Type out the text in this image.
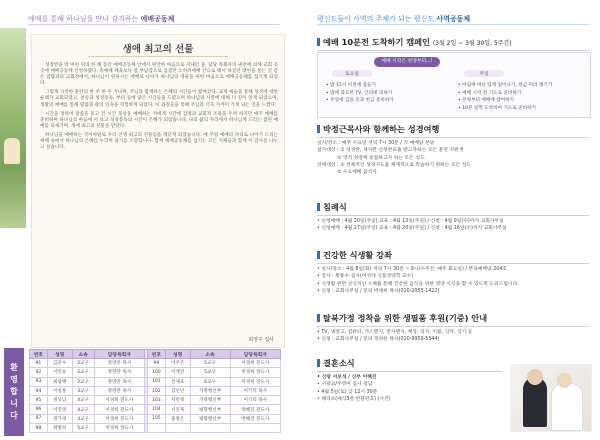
예배를 통해 하나님을 만나 감격하는 예배공동체
생애 최고의 선물

성장반을 막 마친 뒤의 한 해 동안 예배공동체 안에서 편안한 마음으로 지내던 중, 담당 목회자의 권면에 의해 교회 곳곳에 예배공동체 신청하였다. 총예배 체육보다 좀 부담감으로 섬겼던 오히려예배 안으로 해서 하셨던 맺힌을 쏟는 것 같은 감람과의 교회정에서, 하나님이 원하시는 예배로 나아가 하나님의 영광을 위한 마음으로 예배공동체를 섬기게 되었다.

그렇게 시작한 훈련의 한 주 한 주 지나며, 주님과 함께하는 은혜의 시간들이 쌓여갔다. 교제 예술을 통해 성경에 대한 순례가 교회되었고, 찬송과 성경통독, 부터 등에 많은 시간들을 드렸으며 하나님의 사랑에 대해 더 깊이 알게 되었으며, 생활의 예배를 통해 말씀과 삶의 연속을 경험하게 되었다. 이 과정들을 통해 주님과 더욱 가까이 가게 되는 것을 느꼈다.

시간을 정하여 말씀을 읽고 진 시간 묵상을 예배하는 저에게 시간에 감정과 교회적 조용을 두려 하지만 매주 예배를 준비하며 하나님의 마음에 서 보고 성경통독의 시간이 은혜가 되었습니다. 나의 삶의 자리에서 하나님께 드리는 참된 예배를 되새기며, 생애 최고의 선물을 받았다.

하나님을 예배하는 것이야말로 우리 인생 최고의 선물임을 깨닫게 되었습니다. 매 주일 예배의 자리로 나아가 드리는 예배 속에서 하나님의 은혜를 누리며 살기를 소망합니다. 함께 예배공동체를 섬기는 모든 지체들과 함께 이 감사를 나누고 싶습니다.

최영주 집사
환
영
합
니
다
번호	성명	소속	담당목회자		번호	성명	소속	담당목회자
91	김준수	2교구	정영란 목사		99	이주은	5교구	이경희 전도사
92	서민승	2교구	정영란 목사		100	이재진	5교구	이경희 전도사
93	최광택	2교구	정영란 목사		101	전재호	6교구	이경희 전도사
94	이청훈	3교구	정영란 목사		102	김선단	가정행신부	이기덕 목사
95	정상남	4교구	이경희 전도사		103	서민정	가정행신부	이기덕 목사
96	서진영	4교구	이경희 전도사		104	서진목	평형행신부	박혜진 전도사
97	정가경	4교구	이경희 전도사		105	홍정은	평형행신부	박혜진 전도사
98	곽명희	5교구	이경희 전도사					
평신도들이 사역의 주체가 되는 평신도 사역공동체
예배 10분전 도착하기 캠페인 (3월 2일 ~ 3월 30일, 5주간)
예배 시작은 찬양부터...!
토요일	주일
• 밤 11시 이전에 잠들기
• 밤에 과도한 TV, 인터넷 피하기
• 주일에 입을 옷과 헌금 준비하기
• 아침에 여유 있게 일어나기, 헌금 미리 챙기기
• 예배 시작 전 기도로 준비하기
• 찬양부터 예배에 참여하기
• 10분 일찍 도착하여 기도로 준비하기
박정근목사와 함께하는 성경여행
일시/장소 : 매주 수요일 저녁 7시 30분 / 각 예배당 본당
참가대상 : ① 성경반, 제자반 신청완료를 받고자하는 모든 훈련 지원생
② 영적 성장에 동참하고자 하는 모든 성도
선택대상 : ① 전체적인 성경지도를 체계적으로 학습하기 원하는 모든 성도
② 수요예배 참석자
침례식
• 신청예배 : 4월 20일(주일) 교육 : 4월 13일(주일) / 신청 : 4월 9일(수)까지 교회사무실
• 신청예배 : 4월 27일(주일) 교육 : 4월 20일(주일) / 신청 : 4월 16일(수)까지 교회사무실
건강한 식생활 강좌
• 일시/장소 : 4월 8일(화) 저녁 7시 30분 ~ 9시(수주간, 매주 화요일) / 본당예배당 204호
• 강사 : 황홍수 집사(여성테 식품영양학 교수)
• 식생활 관련 상식적인 오해를 통해 건강한 음식을 위한 영양 시식을 할 수 있도록 도와드립니다.
• 신청 : 교회사무실 / 문의 박세희 목사(010-2053-1422)
탈북가정 정착을 위한 생필품 후원(기증) 안내
• TV, 냉장고, 컴퓨터, 가스렌지, 전자렌지, 책상, 의자, 이불, 식탁, 식기 등
• 신청 : 교회사무실 / 문의 정위한 목사(010-9959-5544)
결혼소식
• 신랑 서보석 / 신부 이혜진
• 서광교/주영미 집사 장남
• 4월 5일(토) 낮 12시 30분
• 해리츠(예식3관 반블란호) (사진)
